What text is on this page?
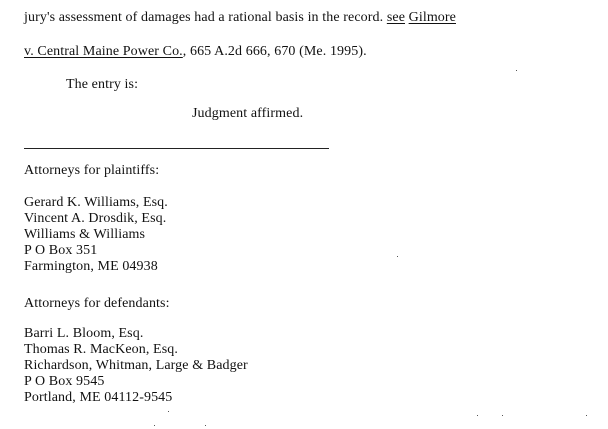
jury's assessment of damages had a rational basis in the record. see Gilmore
v. Central Maine Power Co., 665 A.2d 666, 670 (Me. 1995).
The entry is:
Judgment affirmed.
Attorneys for plaintiffs:
Gerard K. Williams, Esq.
Vincent A. Drosdik, Esq.
Williams & Williams
P O Box 351
Farmington, ME 04938
Attorneys for defendants:
Barri L. Bloom, Esq.
Thomas R. MacKeon, Esq.
Richardson, Whitman, Large & Badger
P O Box 9545
Portland, ME 04112-9545
